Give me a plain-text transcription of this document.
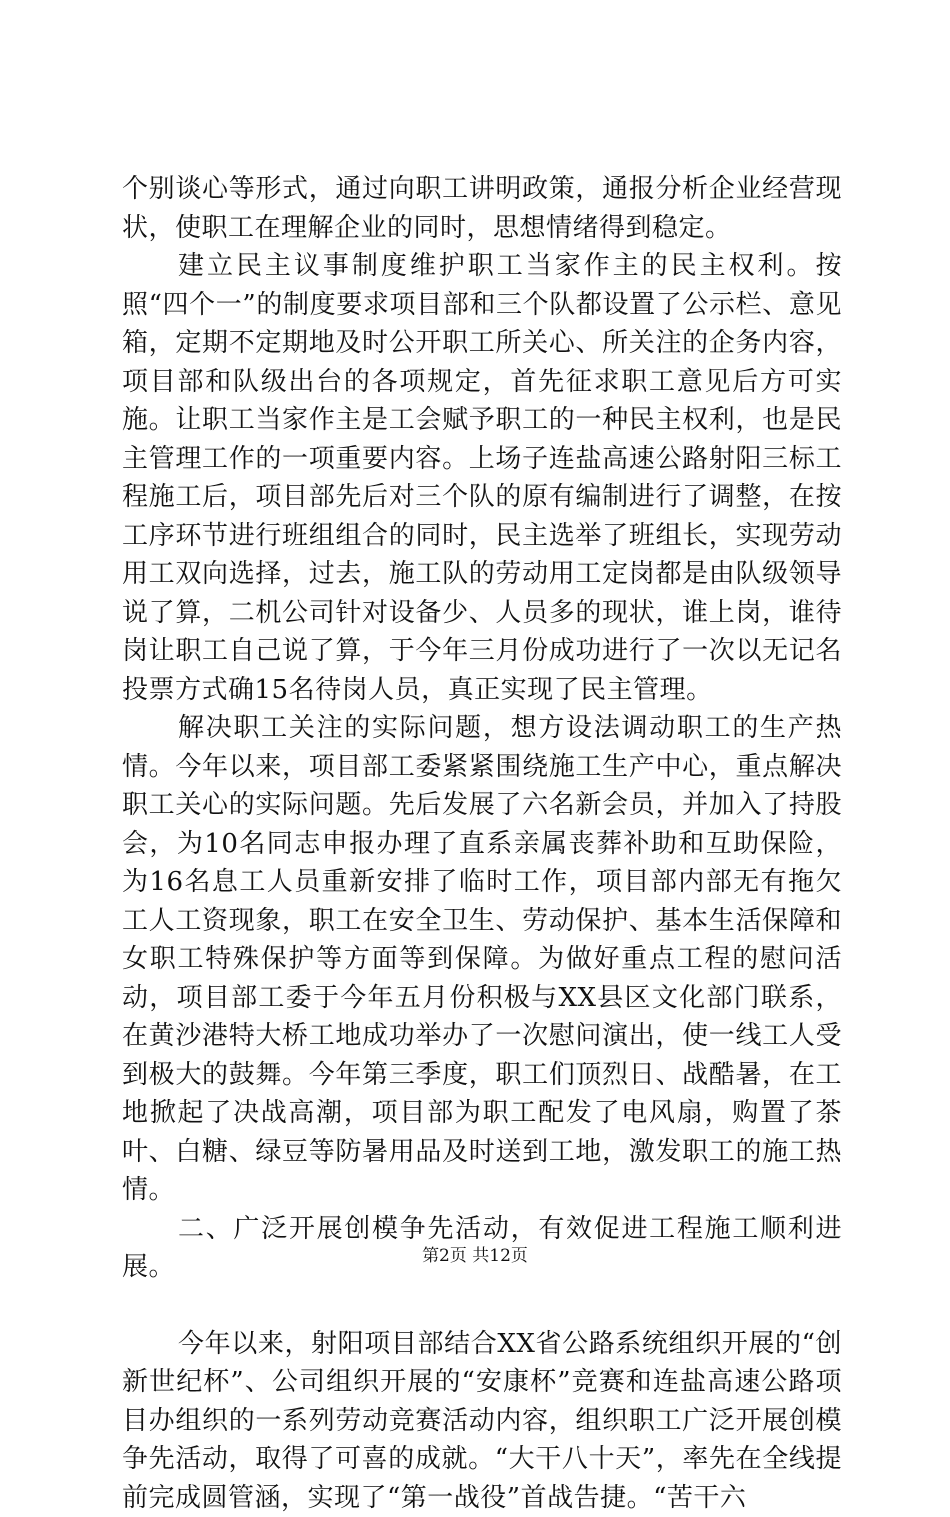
个别谈心等形式，通过向职工讲明政策，通报分析企业经营现状，使职工在理解企业的同时，思想情绪得到稳定。

建立民主议事制度维护职工当家作主的民主权利。按照“四个一”的制度要求项目部和三个队都设置了公示栏、意见箱，定期不定期地及时公开职工所关心、所关注的企务内容，项目部和队级出台的各项规定，首先征求职工意见后方可实施。让职工当家作主是工会赋予职工的一种民主权利，也是民主管理工作的一项重要内容。上场子连盐高速公路射阳三标工程施工后，项目部先后对三个队的原有编制进行了调整，在按工序环节进行班组组合的同时，民主选举了班组长，实现劳动用工双向选择，过去，施工队的劳动用工定岗都是由队级领导说了算，二机公司针对设备少、人员多的现状，谁上岗，谁待岗让职工自己说了算，于今年三月份成功进行了一次以无记名投票方式确15名待岗人员，真正实现了民主管理。

解决职工关注的实际问题，想方设法调动职工的生产热情。今年以来，项目部工委紧紧围绕施工生产中心，重点解决职工关心的实际问题。先后发展了六名新会员，并加入了持股会，为10名同志申报办理了直系亲属丧葬补助和互助保险，为16名息工人员重新安排了临时工作，项目部内部无有拖欠工人工资现象，职工在安全卫生、劳动保护、基本生活保障和女职工特殊保护等方面等到保障。为做好重点工程的慰问活动，项目部工委于今年五月份积极与XX县区文化部门联系，在黄沙港特大桥工地成功举办了一次慰问演出，使一线工人受到极大的鼓舞。今年第三季度，职工们顶烈日、战酷暑，在工地掀起了决战高潮，项目部为职工配发了电风扇，购置了茶叶、白糖、绿豆等防暑用品及时送到工地，激发职工的施工热情。

二、广泛开展创模争先活动，有效促进工程施工顺利进展。

今年以来，射阳项目部结合XX省公路系统组织开展的“创新世纪杯”、公司组织开展的“安康杯”竞赛和连盐高速公路项目办组织的一系列劳动竞赛活动内容，组织职工广泛开展创模争先活动，取得了可喜的成就。“大干八十天”，率先在全线提前完成圆管涵，实现了“第一战役”首战告捷。“苦干六

第2页 共12页
